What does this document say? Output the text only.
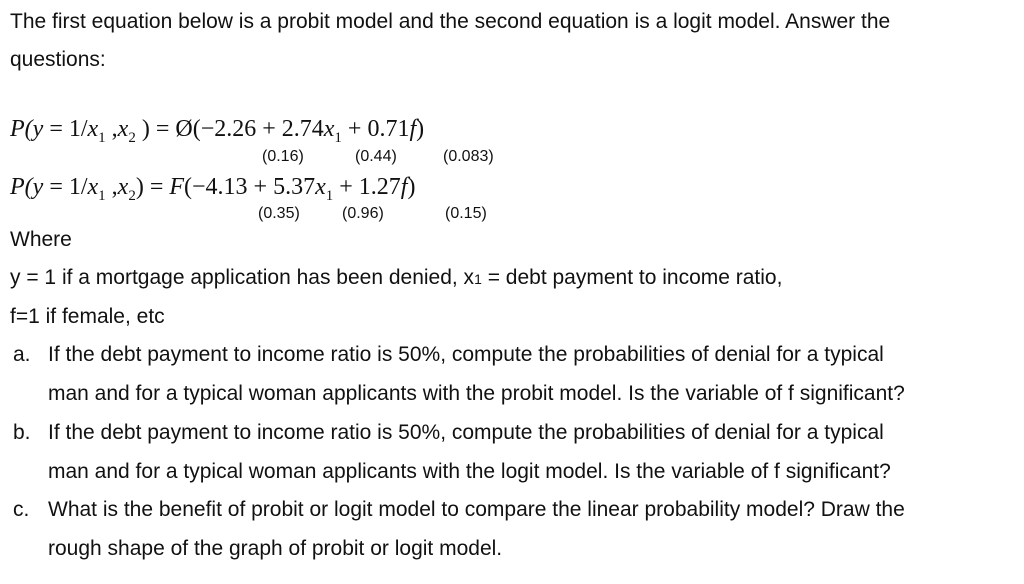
The first equation below is a probit model and the second equation is a logit model. Answer the
questions:
$P(y = 1/x_1$ $,x_2$ ) = Ø(−2.26 + $2.74x_1 + 0.71f$)
(0.16)	(0.44)	(0.083)
$P(y = 1/x_1$ $,x_2) = F(-4.13 + 5.37x_1 + 1.27f)$
(0.35)	(0.96)	(0.15)
Where
y = 1 if a mortgage application has been denied, x1 = debt payment to income ratio,
f=1 if female, etc
a. If the debt payment to income ratio is 50%, compute the probabilities of denial for a typical
man and for a typical woman applicants with the probit model. Is the variable of f significant?
b. If the debt payment to income ratio is 50%, compute the probabilities of denial for a typical
man and for a typical woman applicants with the logit model. Is the variable of f significant?
c. What is the benefit of probit or logit model to compare the linear probability model? Draw the
rough shape of the graph of probit or logit model.
